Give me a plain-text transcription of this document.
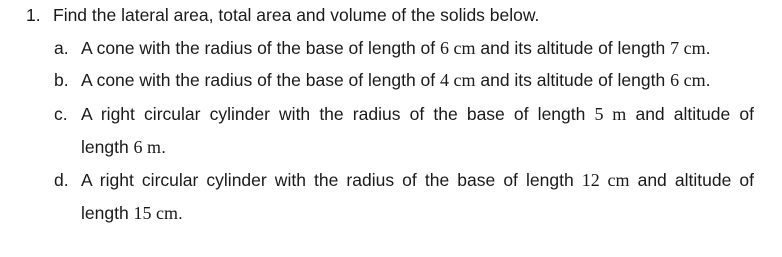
1. Find the lateral area, total area and volume of the solids below.
a. A cone with the radius of the base of length of 6 cm and its altitude of length 7 cm.
b. A cone with the radius of the base of length of 4 cm and its altitude of length 6 cm.
c. A right circular cylinder with the radius of the base of length 5 m and altitude of
length 6 m.
d. A right circular cylinder with the radius of the base of length 12 cm and altitude of
length 15 cm.
